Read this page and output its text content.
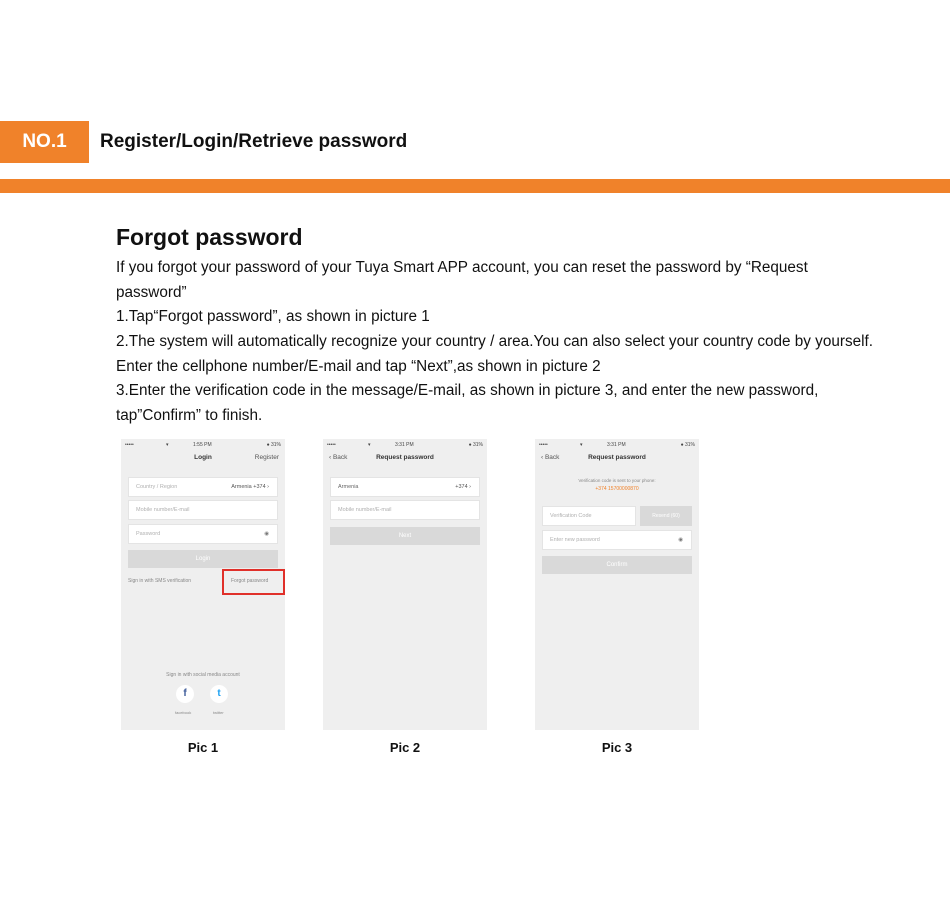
NO.1	Register/Login/Retrieve password
Forgot password
If you forgot your password of your Tuya Smart APP account, you can reset the password by “Request password”
1.Tap“Forgot password”, as shown in picture 1
2.The system will automatically recognize your country / area.You can also select your country code by yourself. Enter the cellphone number/E-mail and tap “Next”,as shown in picture 2
3.Enter the verification code in the message/E-mail, as shown in picture 3, and enter the new password, tap”Confirm” to finish.
•••••	▾	1:55 PM	● 31%
Login	Register
Country / Region	Armenia +374 ›
Mobile number/E-mail
Password	◉
Login
Sign in with SMS verification	Forgot password
Sign in with social media account
f	t
facebook	twitter
Pic 1
•••••	▾	3:31 PM	● 31%
‹ Back	Request password
Armenia	+374 ›
Mobile number/E-mail
Next
Pic 2
•••••	▾	3:31 PM	● 31%
‹ Back	Request password
Verification code is sent to your phone:
+374 15700000870
Verification Code	Resend (60)
Enter new password	◉
Confirm
Pic 3
